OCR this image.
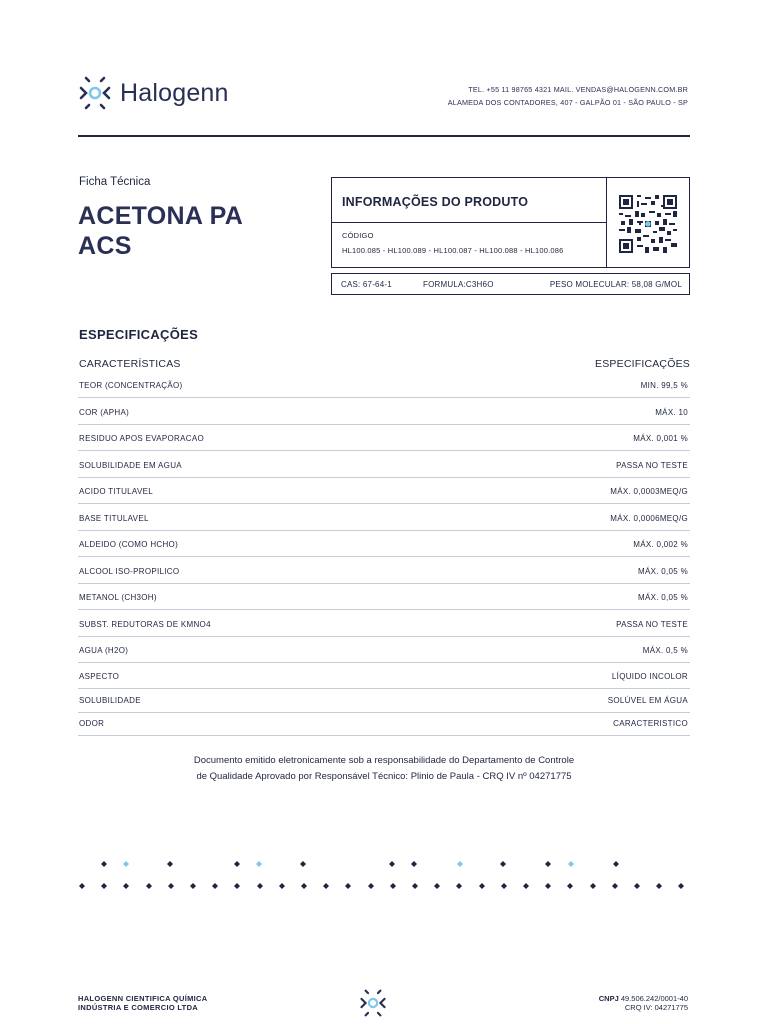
Halogenn	TEL. +55 11 98765 4321 MAIL. VENDAS@HALOGENN.COM.BR
ALAMEDA DOS CONTADORES, 407 - GALPÃO 01 - SÃO PAULO - SP
Ficha Técnica
ACETONA PA
ACS
INFORMAÇÕES DO PRODUTO
CÓDIGO
HL100.085 - HL100.089 - HL100.087 - HL100.088 - HL100.086
CAS: 67-64-1	FORMULA:C3H6O	PESO MOLECULAR: 58,08 G/MOL
ESPECIFICAÇÕES
CARACTERÍSTICAS	ESPECIFICAÇÕES
TEOR (CONCENTRAÇÃO)	MIN. 99,5 %
COR (APHA)	MÁX. 10
RESIDUO APOS EVAPORACAO	MÁX. 0,001 %
SOLUBILIDADE EM AGUA	PASSA NO TESTE
ACIDO TITULAVEL	MÁX. 0,0003MEQ/G
BASE TITULAVEL	MÁX. 0,0006MEQ/G
ALDEIDO (COMO HCHO)	MÁX. 0,002 %
ALCOOL ISO-PROPILICO	MÁX. 0,05 %
METANOL (CH3OH)	MÁX. 0,05 %
SUBST. REDUTORAS DE KMNO4	PASSA NO TESTE
AGUA (H2O)	MÁX. 0,5 %
ASPECTO	LÍQUIDO INCOLOR
SOLUBILIDADE	SOLÚVEL EM ÁGUA
ODOR	CARACTERISTICO
Documento emitido eletronicamente sob a responsabilidade do Departamento de Controle
de Qualidade Aprovado por Responsável Técnico: Plinio de Paula - CRQ IV nº 04271775
HALOGENN CIENTIFICA QUÍMICA
INDÚSTRIA E COMERCIO LTDA
CNPJ 49.506.242/0001-40
CRQ IV: 04271775
